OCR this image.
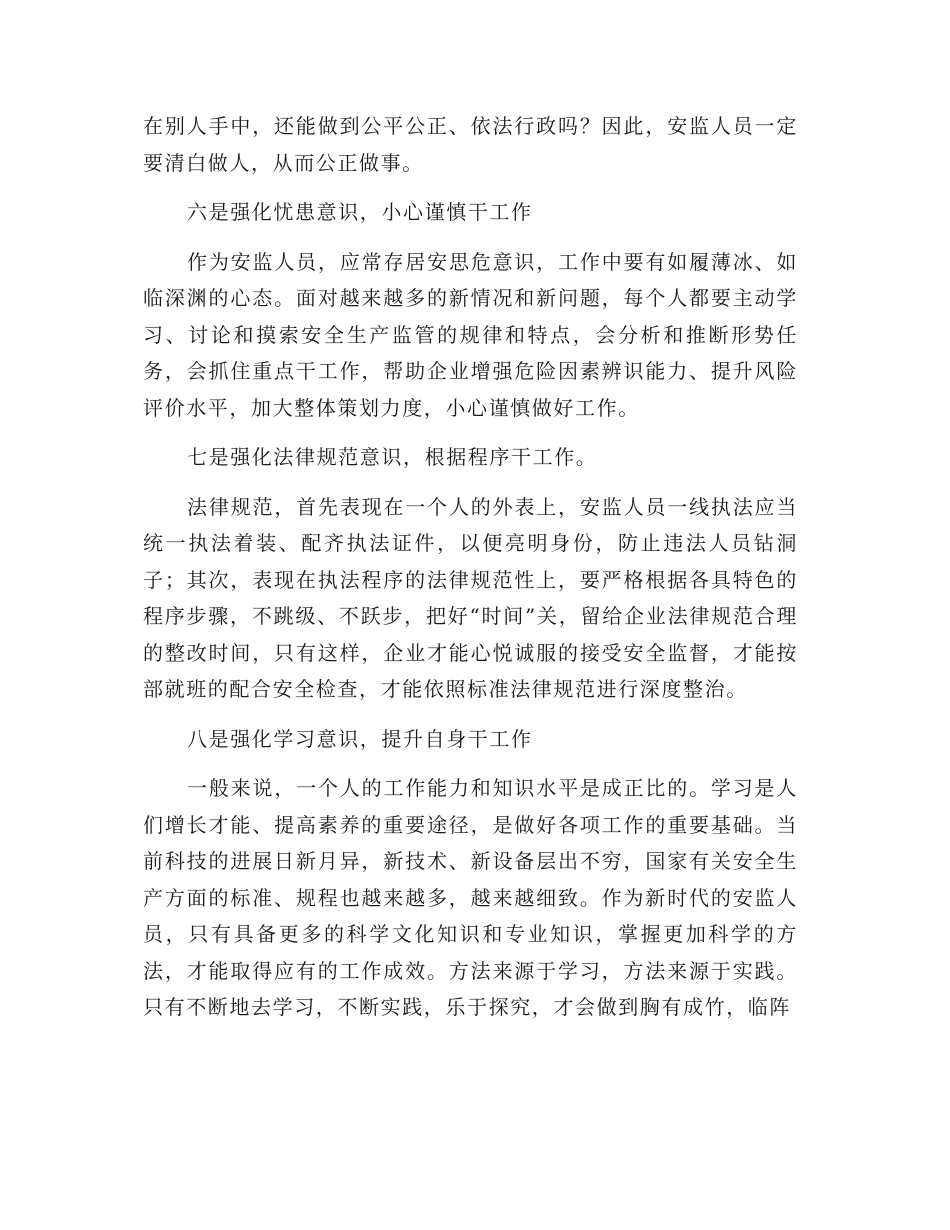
在别人手中，还能做到公平公正、依法行政吗？因此，安监人员一定要清白做人，从而公正做事。

六是强化忧患意识，小心谨慎干工作

作为安监人员，应常存居安思危意识，工作中要有如履薄冰、如临深渊的心态。面对越来越多的新情况和新问题，每个人都要主动学习、讨论和摸索安全生产监管的规律和特点，会分析和推断形势任务，会抓住重点干工作，帮助企业增强危险因素辨识能力、提升风险评价水平，加大整体策划力度，小心谨慎做好工作。

七是强化法律规范意识，根据程序干工作。

法律规范，首先表现在一个人的外表上，安监人员一线执法应当统一执法着装、配齐执法证件，以便亮明身份，防止违法人员钻洞子；其次，表现在执法程序的法律规范性上，要严格根据各具特色的程序步骤，不跳级、不跃步，把好“时间”关，留给企业法律规范合理的整改时间，只有这样，企业才能心悦诚服的接受安全监督，才能按部就班的配合安全检查，才能依照标准法律规范进行深度整治。

八是强化学习意识，提升自身干工作

一般来说，一个人的工作能力和知识水平是成正比的。学习是人们增长才能、提高素养的重要途径，是做好各项工作的重要基础。当前科技的进展日新月异，新技术、新设备层出不穷，国家有关安全生产方面的标准、规程也越来越多，越来越细致。作为新时代的安监人员，只有具备更多的科学文化知识和专业知识，掌握更加科学的方法，才能取得应有的工作成效。方法来源于学习，方法来源于实践。只有不断地去学习，不断实践，乐于探究，才会做到胸有成竹，临阵
